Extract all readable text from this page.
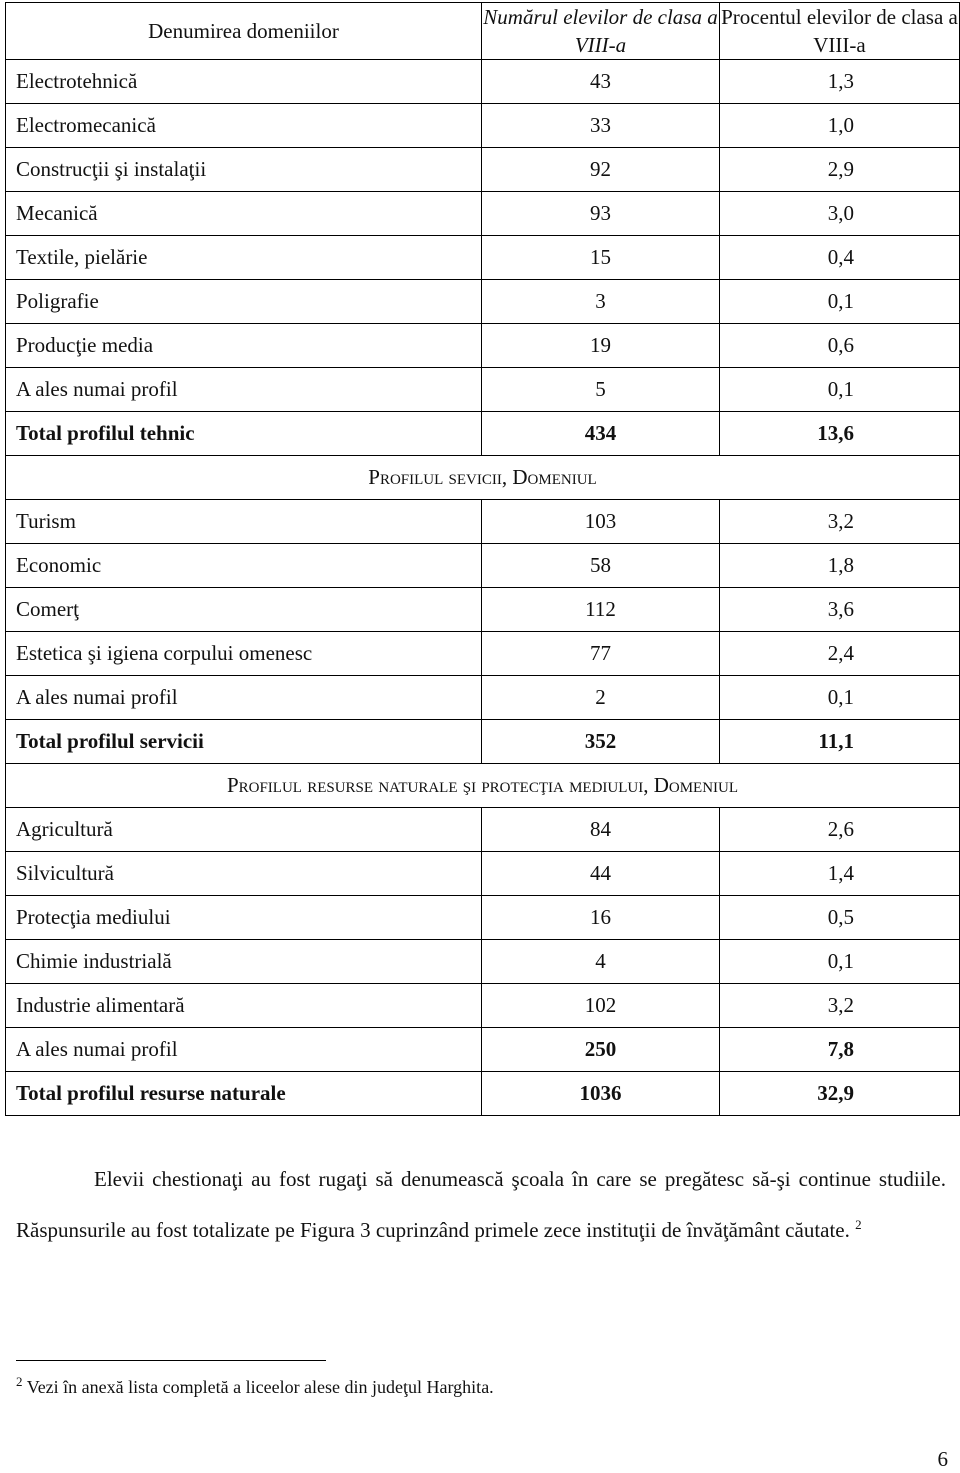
Denumirea domeniilor	Numărul elevilor de clasa a VIII-a	Procentul elevilor de clasa a VIII-a
Electrotehnică	43	1,3
Electromecanică	33	1,0
Construcţii şi instalaţii	92	2,9
Mecanică	93	3,0
Textile, pielărie	15	0,4
Poligrafie	3	0,1
Producţie media	19	0,6
A ales numai profil	5	0,1
Total profilul tehnic	434	13,6
Profilul sevicii, Domeniul		
Turism	103	3,2
Economic	58	1,8
Comerţ	112	3,6
Estetica şi igiena corpului omenesc	77	2,4
A ales numai profil	2	0,1
Total profilul servicii	352	11,1
Profilul resurse naturale şi protecţia mediului, Domeniul		
Agricultură	84	2,6
Silvicultură	44	1,4
Protecţia mediului	16	0,5
Chimie industrială	4	0,1
Industrie alimentară	102	3,2
A ales numai profil	250	7,8
Total profilul resurse naturale	1036	32,9

Elevii chestionaţi au fost rugaţi să denumească şcoala în care se pregătesc să-şi continue studiile. Răspunsurile au fost totalizate pe Figura 3 cuprinzând primele zece instituţii de învăţământ căutate. $^2$

$^2$ Vezi în anexă lista completă a liceelor alese din judeţul Harghita.
6
